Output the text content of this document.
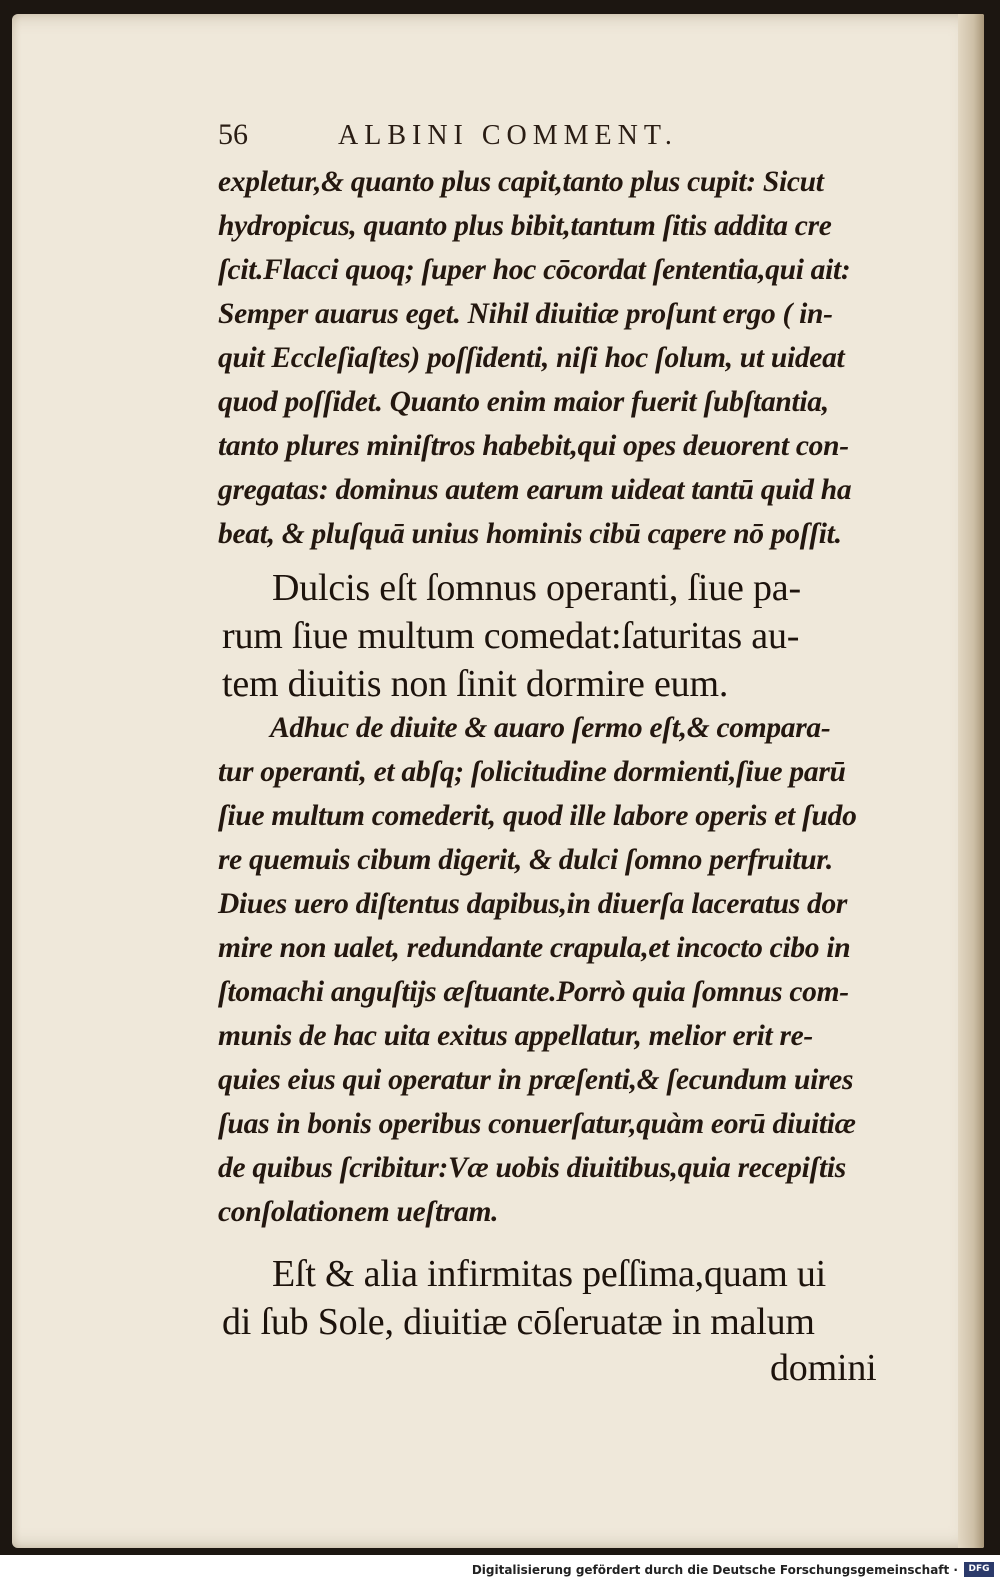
56	ALBINI COMMENT.
expletur,& quanto plus capit,tanto plus cupit: Sicut
hydropicus, quanto plus bibit,tantum ſitis addita cre
ſcit.Flacci quoq; ſuper hoc cōcordat ſententia,qui ait:
Semper auarus eget. Nihil diuitiæ proſunt ergo ( in-
quit Eccleſiaſtes) poſſidenti, niſi hoc ſolum, ut uideat
quod poſſidet. Quanto enim maior fuerit ſubſtantia,
tanto plures miniſtros habebit,qui opes deuorent con-
gregatas: dominus autem earum uideat tantū quid ha
beat, & pluſquā unius hominis cibū capere nō poſſit.
Dulcis eſt ſomnus operanti, ſiue pa-
rum ſiue multum comedat:ſaturitas au-
tem diuitis non ſinit dormire eum.
Adhuc de diuite & auaro ſermo eſt,& compara-
tur operanti, et abſq; ſolicitudine dormienti,ſiue parū
ſiue multum comederit, quod ille labore operis et ſudo
re quemuis cibum digerit, & dulci ſomno perfruitur.
Diues uero diſtentus dapibus,in diuerſa laceratus dor
mire non ualet, redundante crapula,et incocto cibo in
ſtomachi anguſtijs æſtuante.Porrò quia ſomnus com-
munis de hac uita exitus appellatur, melior erit re-
quies eius qui operatur in præſenti,& ſecundum uires
ſuas in bonis operibus conuerſatur,quàm eorū diuitiæ
de quibus ſcribitur:Væ uobis diuitibus,quia recepiſtis
conſolationem ueſtram.
Eſt & alia infirmitas peſſima,quam ui
di ſub Sole, diuitiæ cōſeruatæ in malum
domini
Digitalisierung gefördert durch die Deutsche Forschungsgemeinschaft ·	DFG
